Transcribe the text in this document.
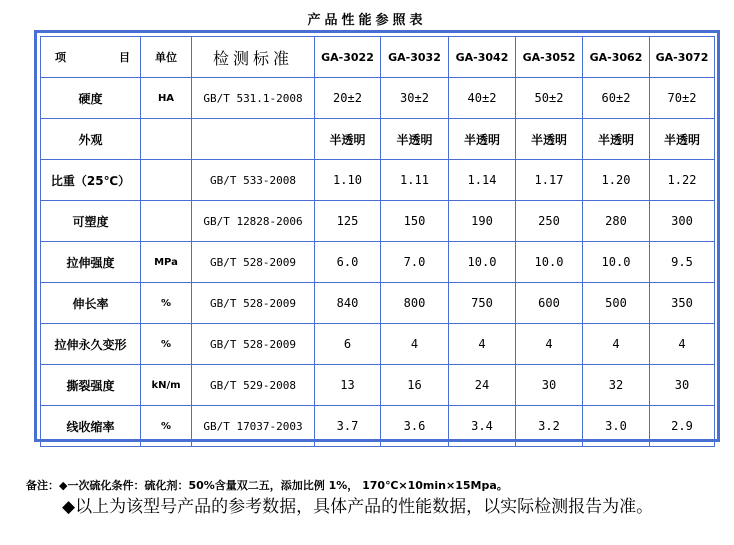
产品性能参照表
项 目	单位	检测标准	GA-3022	GA-3032	GA-3042	GA-3052	GA-3062	GA-3072
硬度	HA	GB/T 531.1-2008	20±2	30±2	40±2	50±2	60±2	70±2
外观			半透明	半透明	半透明	半透明	半透明	半透明
比重（25℃）		GB/T 533-2008	1.10	1.11	1.14	1.17	1.20	1.22
可塑度		GB/T 12828-2006	125	150	190	250	280	300
拉伸强度	MPa	GB/T 528-2009	6.0	7.0	10.0	10.0	10.0	9.5
伸长率	%	GB/T 528-2009	840	800	750	600	500	350
拉伸永久变形	%	GB/T 528-2009	6	4	4	4	4	4
撕裂强度	kN/m	GB/T 529-2008	13	16	24	30	32	30
线收缩率	%	GB/T 17037-2003	3.7	3.6	3.4	3.2	3.0	2.9
备注：◆一次硫化条件：硫化剂：50%含量双二五，添加比例 1%， 170℃×10min×15Mpa。
◆以上为该型号产品的参考数据，具体产品的性能数据，以实际检测报告为准。
